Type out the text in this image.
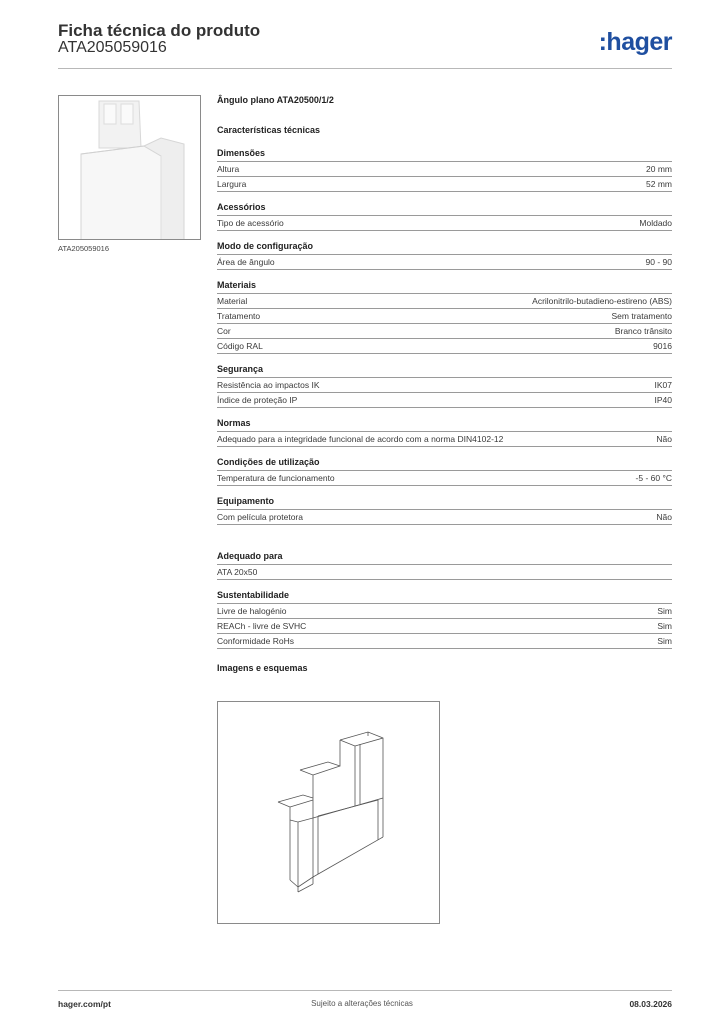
Ficha técnica do produto
ATA205059016	:hager
ATA205059016
Ângulo plano ATA20500/1/2
Características técnicas
Dimensões
Altura	20 mm
Largura	52 mm
Acessórios
Tipo de acessório	Moldado
Modo de configuração
Área de ângulo	90 - 90
Materiais
Material	Acrilonitrilo-butadieno-estireno (ABS)
Tratamento	Sem tratamento
Cor	Branco trânsito
Código RAL	9016
Segurança
Resistência ao impactos IK	IK07
Índice de proteção IP	IP40
Normas
Adequado para a integridade funcional de acordo com a norma DIN4102-12	Não
Condições de utilização
Temperatura de funcionamento	-5 - 60 °C
Equipamento
Com película protetora	Não
Adequado para
ATA 20x50
Sustentabilidade
Livre de halogénio	Sim
REACh - livre de SVHC	Sim
Conformidade RoHs	Sim
Imagens e esquemas
hager.com/pt	Sujeito a alterações técnicas	08.03.2026
